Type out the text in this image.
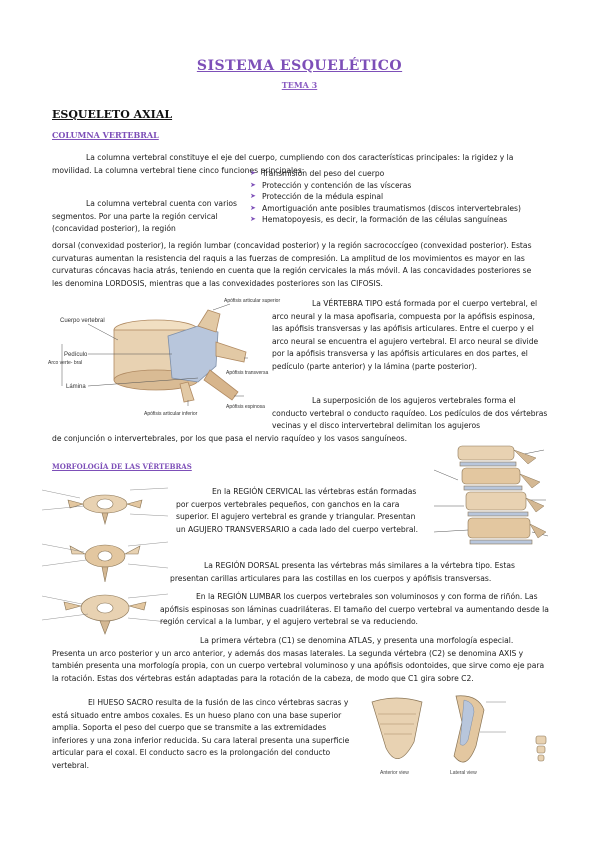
SISTEMA ESQUELÉTICO
TEMA 3
ESQUELETO AXIAL
COLUMNA VERTEBRAL
La columna vertebral constituye el eje del cuerpo, cumpliendo con dos características principales: la rigidez y la movilidad. La columna vertebral tiene cinco funciones principales:
➤ Transmisión del peso del cuerpo
➤ Protección y contención de las vísceras
➤ Protección de la médula espinal
➤ Amortiguación ante posibles traumatismos (discos intervertebrales)
➤ Hematopoyesis, es decir, la formación de las células sanguíneas
La columna vertebral cuenta con varios segmentos. Por una parte la región cervical (concavidad posterior), la región
dorsal (convexidad posterior), la región lumbar (concavidad posterior) y la región sacrococcígeo (convexidad posterior). Estas curvaturas aumentan la resistencia del raquis a las fuerzas de compresión. La amplitud de los movimientos es mayor en las curvaturas cóncavas hacia atrás, teniendo en cuenta que la región cervicales la más móvil. A las concavidades posteriores se les denomina LORDOSIS, mientras que a las convexidades posteriores son las CIFOSIS.
Cuerpo vertebral
Pedículo
Arco verte- bral
Lámina
Apófisis articular superior
Apófisis transversa
Apófisis espinosa
Apófisis articular inferior
La VÉRTEBRA TIPO está formada por el cuerpo vertebral, el arco neural y la masa apofisaria, compuesta por la apófisis espinosa, las apófisis transversas y las apófisis articulares. Entre el cuerpo y el arco neural se encuentra el agujero vertebral. El arco neural se divide por la apófisis transversa y las apófisis articulares en dos partes, el pedículo (parte anterior) y la lámina (parte posterior).
La superposición de los agujeros vertebrales forma el conducto vertebral o conducto raquídeo. Los pedículos de dos vértebras vecinas y el disco intervertebral delimitan los agujeros
de conjunción o intervertebrales, por los que pasa el nervio raquídeo y los vasos sanguíneos.
MORFOLOGÍA DE LAS VÉRTEBRAS
En la REGIÓN CERVICAL las vértebras están formadas por cuerpos vertebrales pequeños, con ganchos en la cara superior. El agujero vertebral es grande y triangular. Presentan un AGUJERO TRANSVERSARIO a cada lado del cuerpo vertebral.
La REGIÓN DORSAL presenta las vértebras más similares a la vértebra tipo. Estas presentan carillas articulares para las costillas en los cuerpos y apófisis transversas.
En la REGIÓN LUMBAR los cuerpos vertebrales son voluminosos y con forma de riñón. Las apófisis espinosas son láminas cuadriláteras. El tamaño del cuerpo vertebral va aumentando desde la región cervical a la lumbar, y el agujero vertebral se va reduciendo.
La primera vértebra (C1) se denomina ATLAS, y presenta una morfología especial. Presenta un arco posterior y un arco anterior, y además dos masas laterales. La segunda vértebra (C2) se denomina AXIS y también presenta una morfología propia, con un cuerpo vertebral voluminoso y una apófisis odontoides, que sirve como eje para la rotación. Estas dos vértebras están adaptadas para la rotación de la cabeza, de modo que C1 gira sobre C2.
El HUESO SACRO resulta de la fusión de las cinco vértebras sacras y está situado entre ambos coxales. Es un hueso plano con una base superior amplia. Soporta el peso del cuerpo que se transmite a las extremidades inferiores y una zona inferior reducida. Su cara lateral presenta una superficie articular para el coxal. El conducto sacro es la prolongación del conducto vertebral.
Anterior view	Lateral view
